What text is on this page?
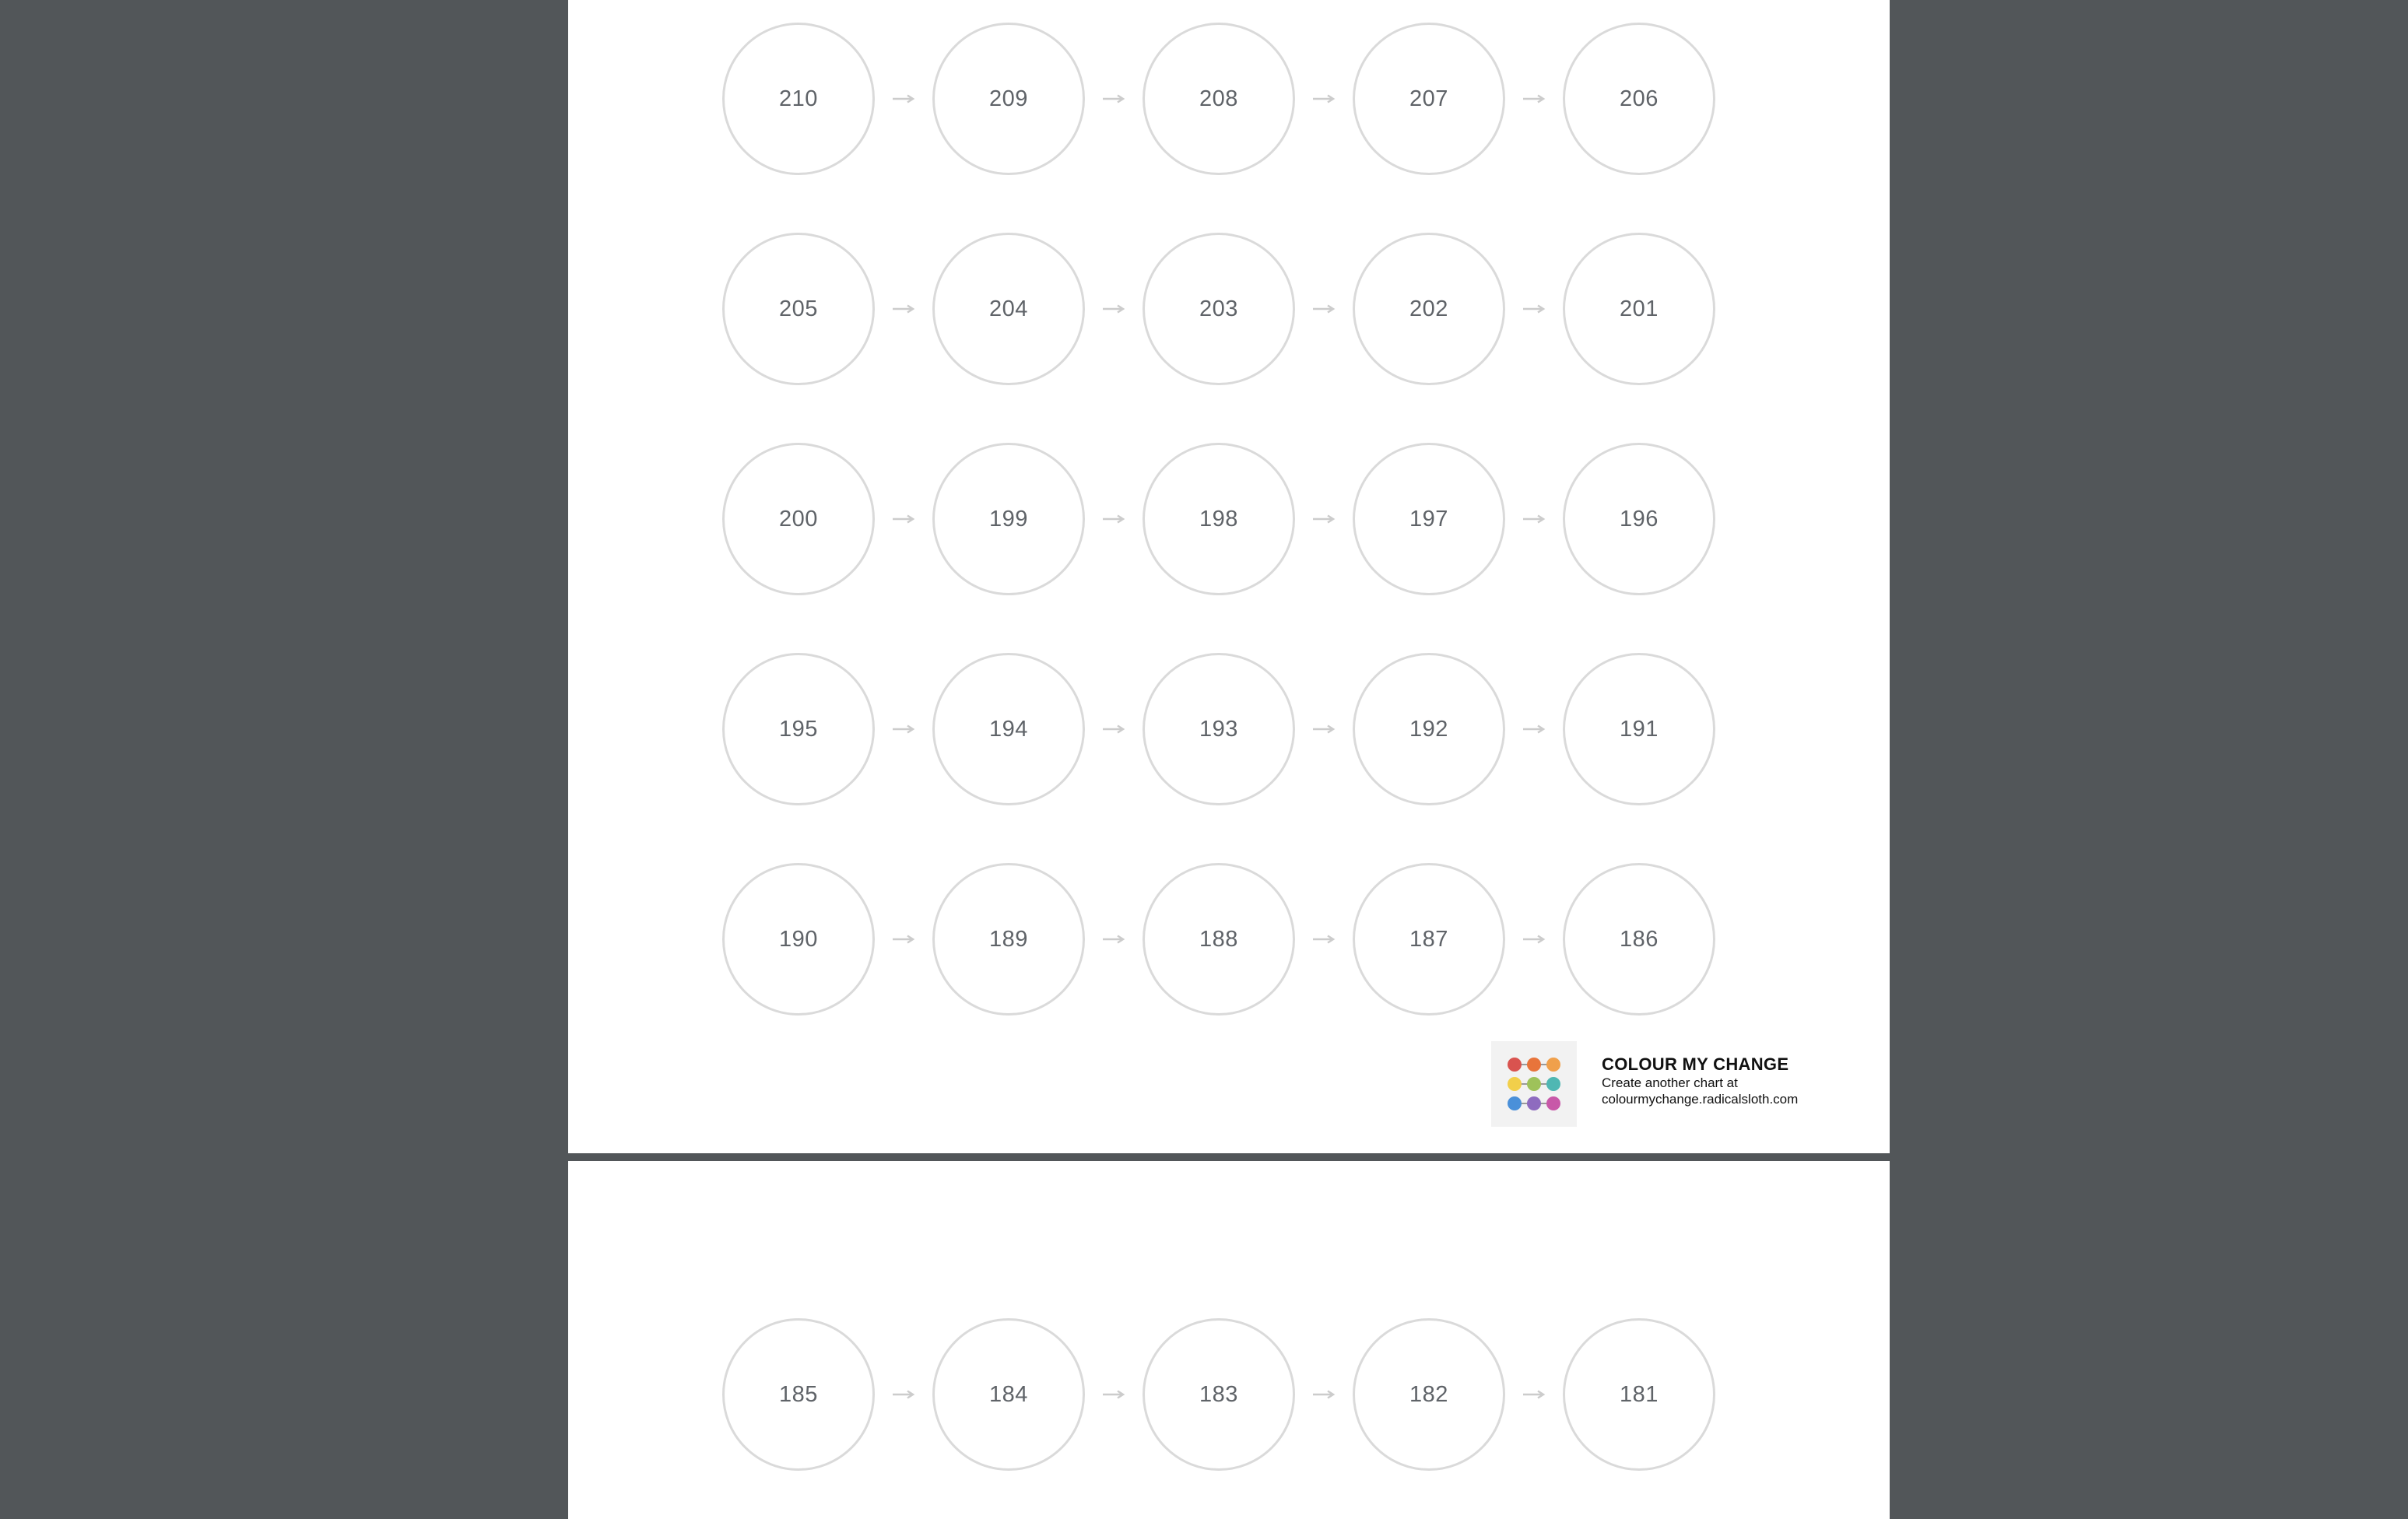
210	209	208	207	206
205	204	203	202	201
200	199	198	197	196
195	194	193	192	191
190	189	188	187	186
COLOUR MY CHANGE
Create another chart at
colourmychange.radicalsloth.com
185	184	183	182	181
